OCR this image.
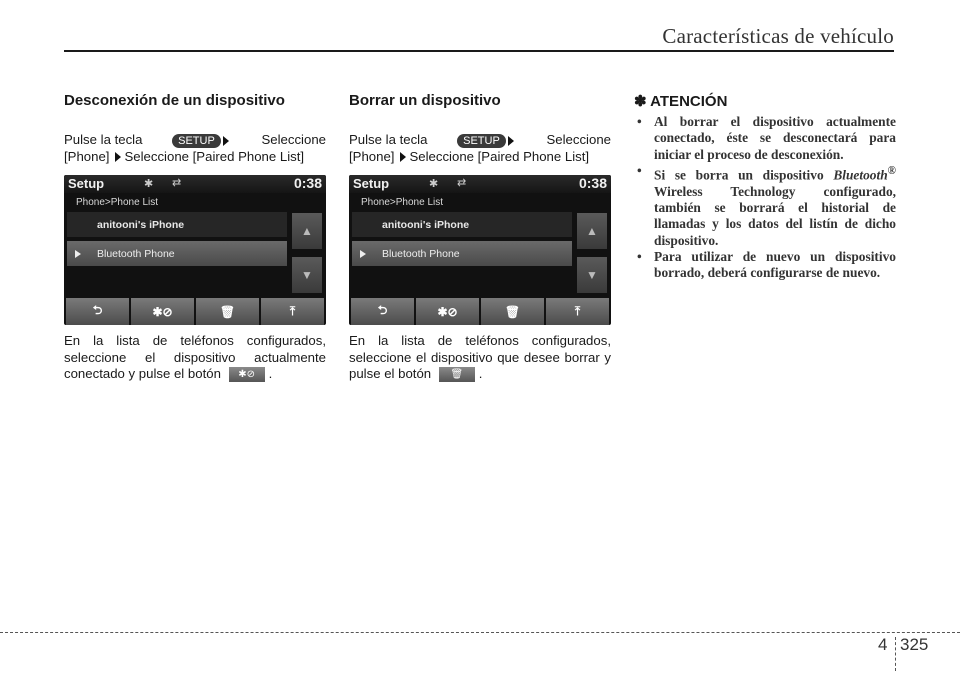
Características de vehículo
Desconexión de un dispositivo
Pulse la tecla	SETUP	Seleccione
[Phone] Seleccione [Paired Phone List]
Setup	✱ ⇄	0:38
Phone>Phone List
anitooni's iPhone
Bluetooth Phone
▲
▼
⮌	✱⊘	🗑	⤒
En la lista de teléfonos configurados, seleccione el dispositivo actualmente conectado y pulse el botón ✱⊘ .
Borrar un dispositivo
Pulse la tecla	SETUP	Seleccione
[Phone] Seleccione [Paired Phone List]
Setup	✱ ⇄	0:38
Phone>Phone List
anitooni's iPhone
Bluetooth Phone
▲
▼
⮌	✱⊘	🗑	⤒
En la lista de teléfonos configurados, seleccione el dispositivo que desee borrar y pulse el botón 🗑 .
✽ ATENCIÓN
• Al borrar el dispositivo actualmente conectado, éste se desconectará para iniciar el proceso de desconexión.
• Si se borra un dispositivo Bluetooth® Wireless Technology configurado, también se borrará el historial de llamadas y los datos del listín de dicho dispositivo.
• Para utilizar de nuevo un dispositivo borrado, deberá configurarse de nuevo.
4 325
